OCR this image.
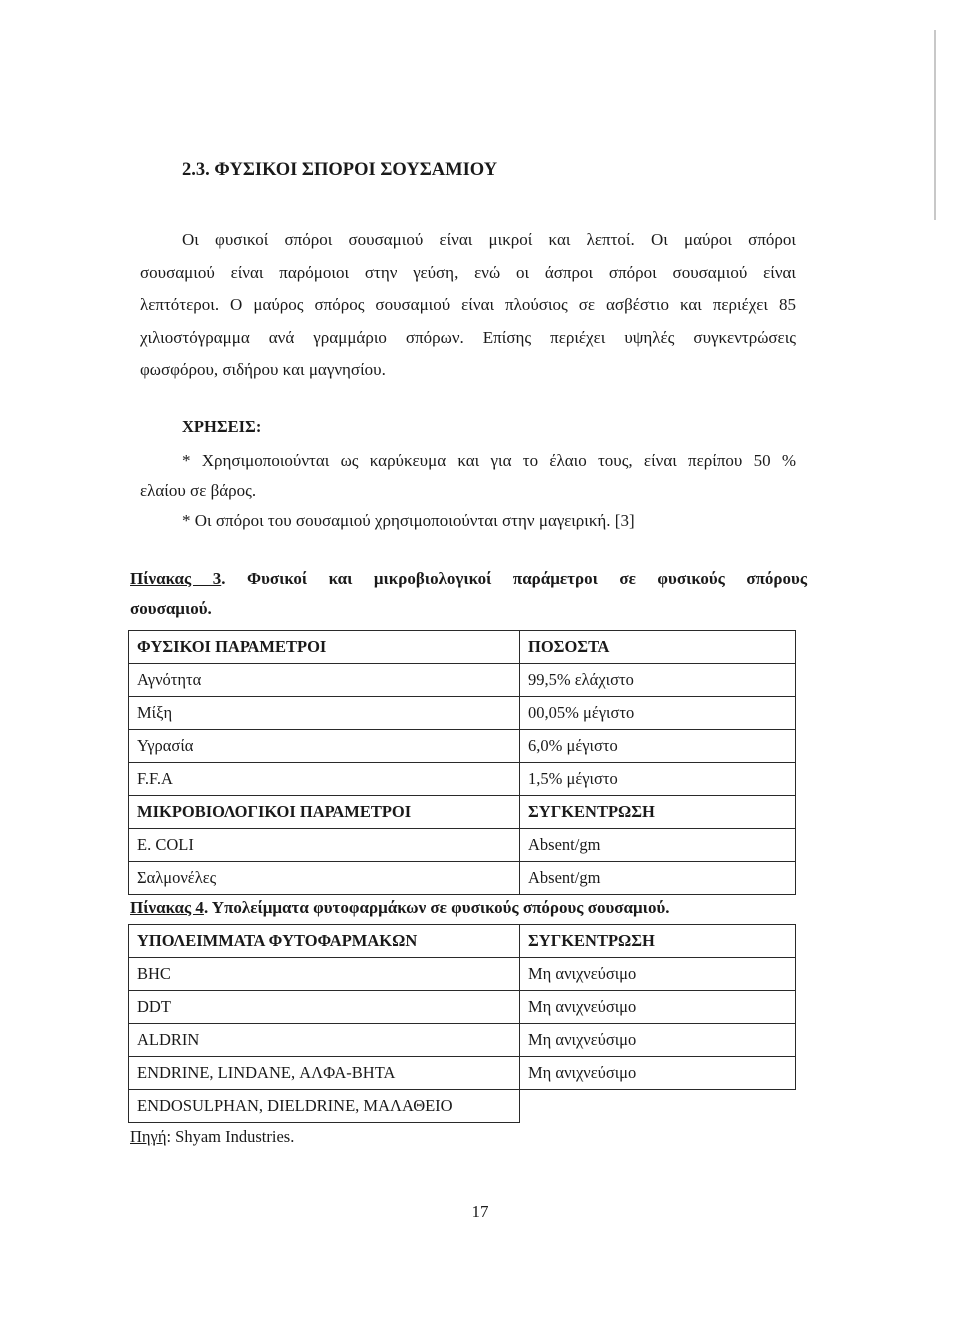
2.3. ΦΥΣΙΚΟΙ ΣΠΟΡΟΙ ΣΟΥΣΑΜΙΟΥ
Οι φυσικοί σπόροι σουσαμιού είναι μικροί και λεπτοί. Οι μαύροι σπόροι
σουσαμιού είναι παρόμοιοι στην γεύση, ενώ οι άσπροι σπόροι σουσαμιού είναι
λεπτότεροι. Ο μαύρος σπόρος σουσαμιού είναι πλούσιος σε ασβέστιο και περιέχει 85
χιλιοστόγραμμα ανά γραμμάριο σπόρων. Επίσης περιέχει υψηλές συγκεντρώσεις
φωσφόρου, σιδήρου και μαγνησίου.
ΧΡΗΣΕΙΣ:
* Χρησιμοποιούνται ως καρύκευμα και για το έλαιο τους, είναι περίπου 50 %
ελαίου σε βάρος.
* Οι σπόροι του σουσαμιού χρησιμοποιούνται στην μαγειρική. [3]
Πίνακας 3. Φυσικοί και μικροβιολογικοί παράμετροι σε φυσικούς σπόρους
σουσαμιού.
ΦΥΣΙΚΟΙ ΠΑΡΑΜΕΤΡΟΙ	ΠΟΣΟΣΤΑ
Αγνότητα	99,5% ελάχιστο
Μίξη	00,05% μέγιστο
Υγρασία	6,0% μέγιστο
F.F.A	1,5% μέγιστο
ΜΙΚΡΟΒΙΟΛΟΓΙΚΟΙ ΠΑΡΑΜΕΤΡΟΙ	ΣΥΓΚΕΝΤΡΩΣΗ
E. COLI	Absent/gm
Σαλμονέλες	Absent/gm
Πίνακας 4. Υπολείμματα φυτοφαρμάκων σε φυσικούς σπόρους σουσαμιού.
ΥΠΟΛΕΙΜΜΑΤΑ ΦΥΤΟΦΑΡΜΑΚΩΝ	ΣΥΓΚΕΝΤΡΩΣΗ
BHC	Μη ανιχνεύσιμο
DDT	Μη ανιχνεύσιμο
ALDRIN	Μη ανιχνεύσιμο
ENDRINE, LINDANE, ΑΛΦΑ-ΒΗΤΑ	Μη ανιχνεύσιμο
ENDOSULPHAN, DIELDRINE, ΜΑΛΑΘΕΙΟ	
Πηγή: Shyam Industries.
17
